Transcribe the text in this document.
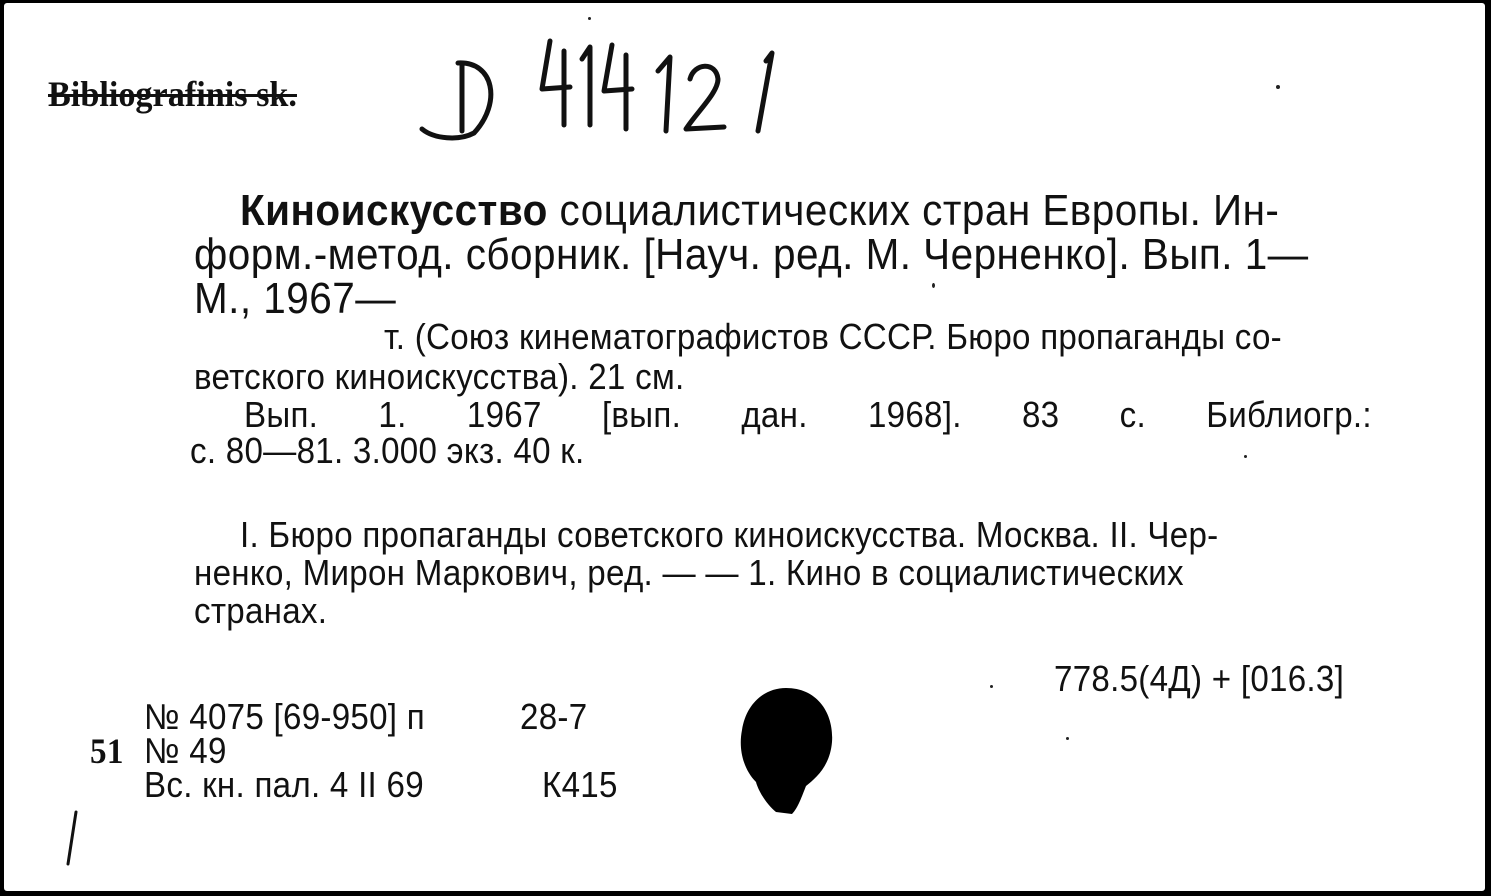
Bibliografinis sk.
Киноискусство социалистических стран Европы. Ин-
форм.-метод. сборник. [Науч. ред. М. Черненко]. Вып. 1—
М., 1967—
т. (Союз кинематографистов СССР. Бюро пропаганды со-
ветского киноискусства). 21 см.
Вып. 1. 1967 [вып. дан. 1968]. 83 с. Библиогр.:
с. 80—81. 3.000 экз. 40 к.
I. Бюро пропаганды советского киноискусства. Москва. II. Чер-
ненко, Мирон Маркович, ред. — — 1. Кино в социалистических
странах.
778.5(4Д) + [016.3]
№ 4075 [69-950] п	28-7
51 № 49
Вс. кн. пал. 4 II 69	К415
